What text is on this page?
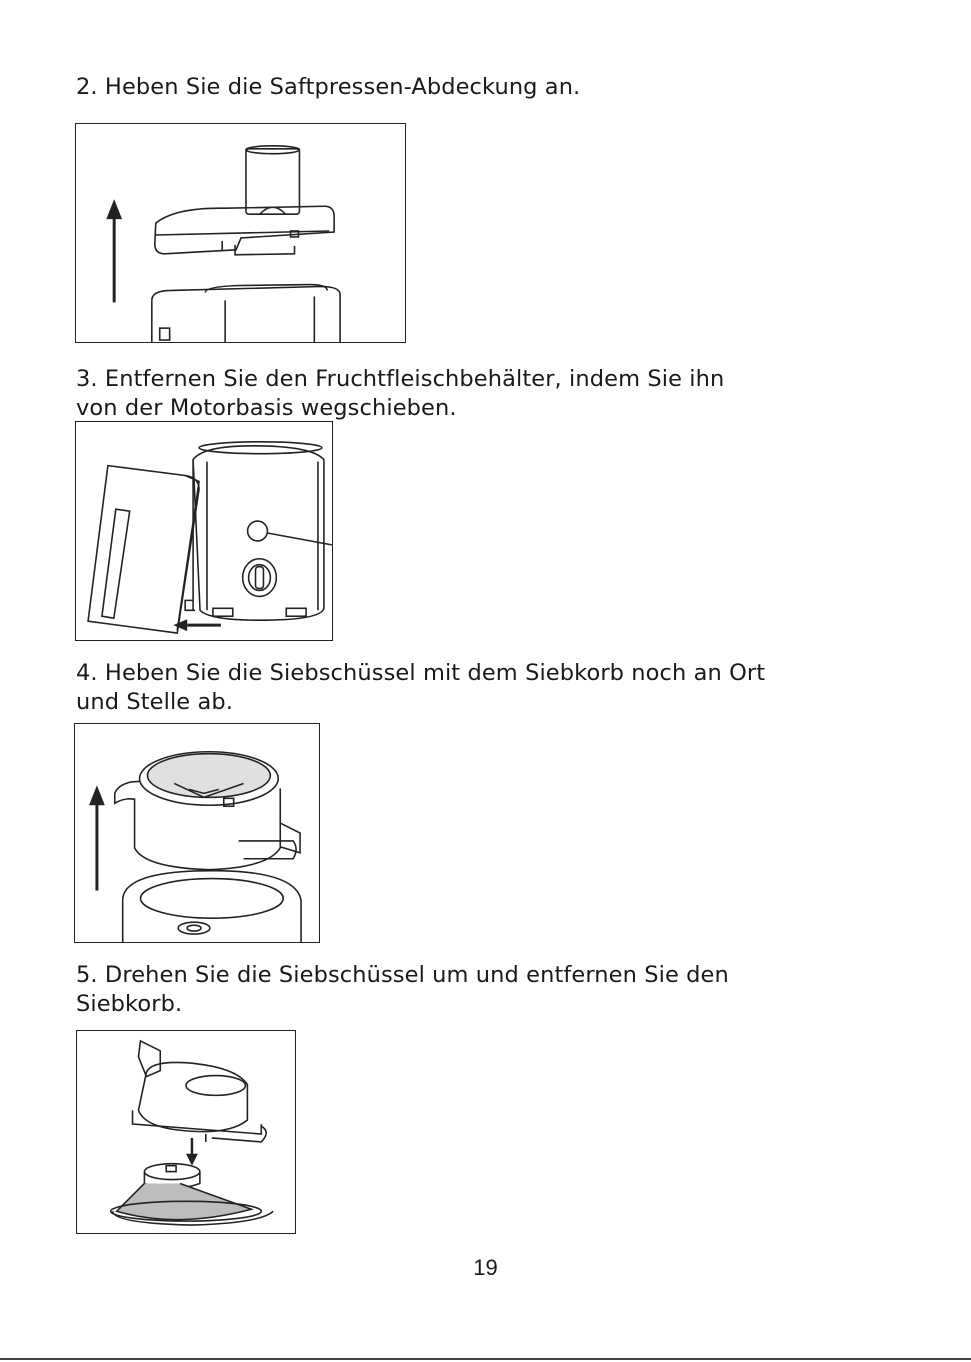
2. Heben Sie die Saftpressen-Abdeckung an.

3. Entfernen Sie den Fruchtfleischbehälter, indem Sie ihn
von der Motorbasis wegschieben.

4. Heben Sie die Siebschüssel mit dem Siebkorb noch an Ort
und Stelle ab.

5. Drehen Sie die Siebschüssel um und entfernen Sie den
Siebkorb.

19
